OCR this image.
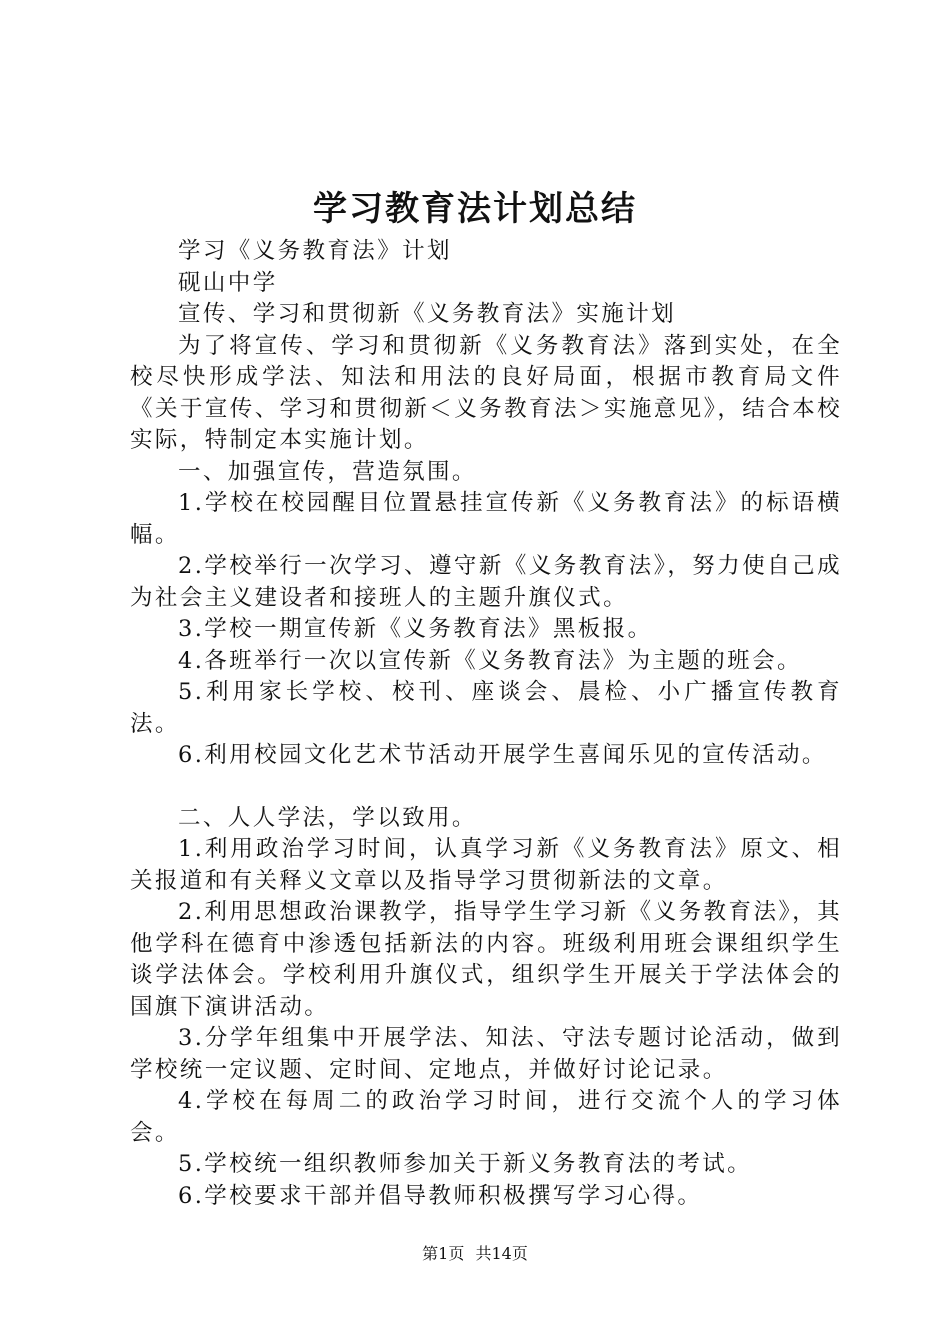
学习教育法计划总结

学习《义务教育法》计划

砚山中学

宣传、学习和贯彻新《义务教育法》实施计划

为了将宣传、学习和贯彻新《义务教育法》落到实处，在全校尽快形成学法、知法和用法的良好局面，根据市教育局文件《关于宣传、学习和贯彻新＜义务教育法＞实施意见》，结合本校实际，特制定本实施计划。

一、加强宣传，营造氛围。

1.学校在校园醒目位置悬挂宣传新《义务教育法》的标语横幅。

2.学校举行一次学习、遵守新《义务教育法》，努力使自己成为社会主义建设者和接班人的主题升旗仪式。

3.学校一期宣传新《义务教育法》黑板报。

4.各班举行一次以宣传新《义务教育法》为主题的班会。

5.利用家长学校、校刊、座谈会、晨检、小广播宣传教育法。

6.利用校园文化艺术节活动开展学生喜闻乐见的宣传活动。

二、人人学法，学以致用。

1.利用政治学习时间，认真学习新《义务教育法》原文、相关报道和有关释义文章以及指导学习贯彻新法的文章。

2.利用思想政治课教学，指导学生学习新《义务教育法》，其他学科在德育中渗透包括新法的内容。班级利用班会课组织学生谈学法体会。学校利用升旗仪式，组织学生开展关于学法体会的国旗下演讲活动。

3.分学年组集中开展学法、知法、守法专题讨论活动，做到学校统一定议题、定时间、定地点，并做好讨论记录。

4.学校在每周二的政治学习时间，进行交流个人的学习体会。

5.学校统一组织教师参加关于新义务教育法的考试。

6.学校要求干部并倡导教师积极撰写学习心得。

第1页 共14页
